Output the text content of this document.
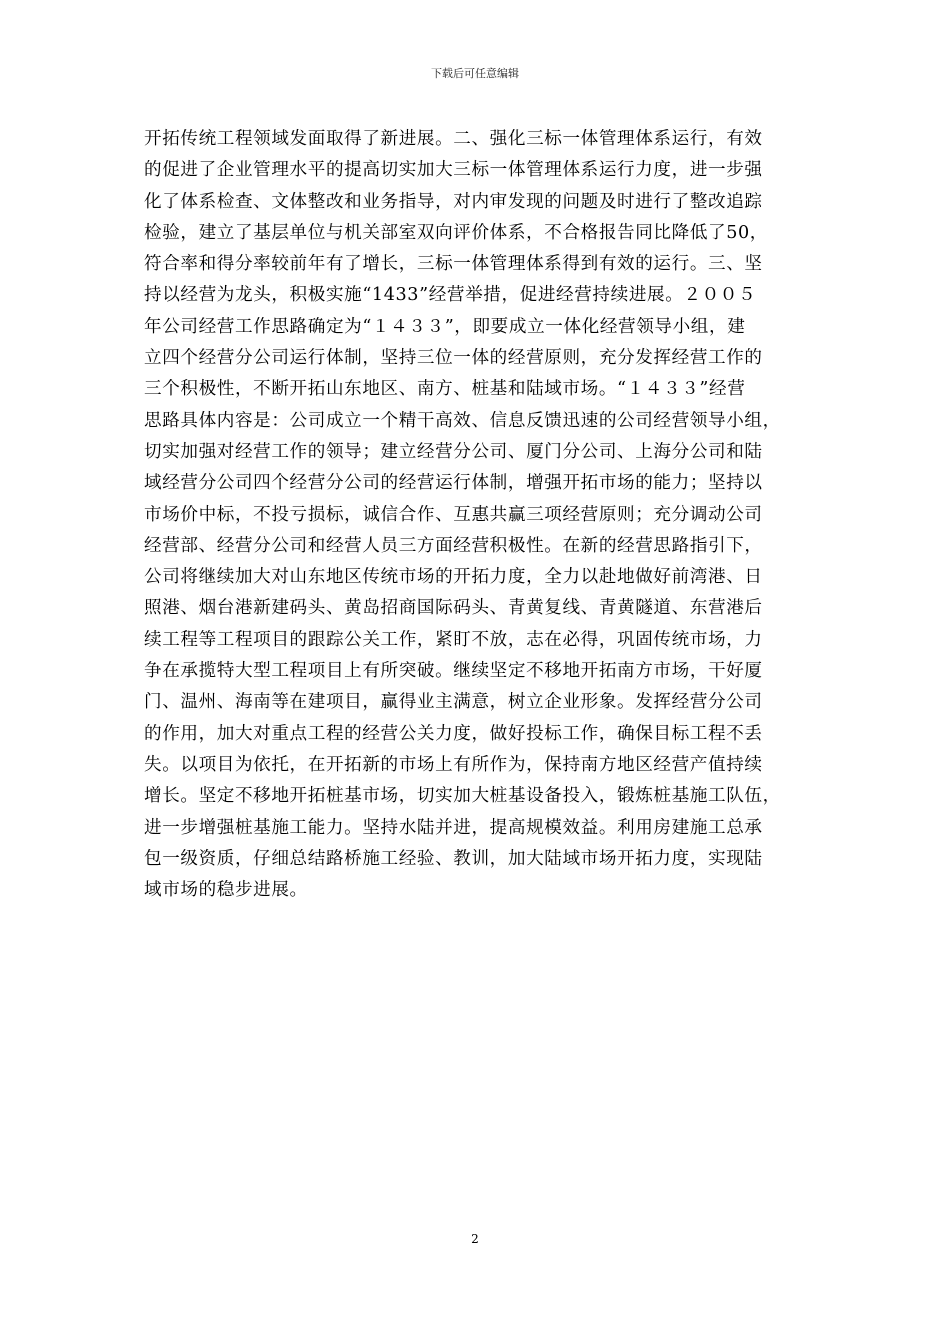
下载后可任意编辑
开拓传统工程领域发面取得了新进展。二、强化三标一体管理体系运行，有效
的促进了企业管理水平的提高切实加大三标一体管理体系运行力度，进一步强
化了体系检查、文体整改和业务指导，对内审发现的问题及时进行了整改追踪
检验，建立了基层单位与机关部室双向评价体系，不合格报告同比降低了50，
符合率和得分率较前年有了增长，三标一体管理体系得到有效的运行。三、坚
持以经营为龙头，积极实施“1433”经营举措，促进经营持续进展。２００５
年公司经营工作思路确定为“１４３３”，即要成立一体化经营领导小组，建
立四个经营分公司运行体制，坚持三位一体的经营原则，充分发挥经营工作的
三个积极性，不断开拓山东地区、南方、桩基和陆域市场。“１４３３”经营
思路具体内容是：公司成立一个精干高效、信息反馈迅速的公司经营领导小组，
切实加强对经营工作的领导；建立经营分公司、厦门分公司、上海分公司和陆
域经营分公司四个经营分公司的经营运行体制，增强开拓市场的能力；坚持以
市场价中标，不投亏损标，诚信合作、互惠共赢三项经营原则；充分调动公司
经营部、经营分公司和经营人员三方面经营积极性。在新的经营思路指引下，
公司将继续加大对山东地区传统市场的开拓力度，全力以赴地做好前湾港、日
照港、烟台港新建码头、黄岛招商国际码头、青黄复线、青黄隧道、东营港后
续工程等工程项目的跟踪公关工作，紧盯不放，志在必得，巩固传统市场，力
争在承揽特大型工程项目上有所突破。继续坚定不移地开拓南方市场，干好厦
门、温州、海南等在建项目，赢得业主满意，树立企业形象。发挥经营分公司
的作用，加大对重点工程的经营公关力度，做好投标工作，确保目标工程不丢
失。以项目为依托，在开拓新的市场上有所作为，保持南方地区经营产值持续
增长。坚定不移地开拓桩基市场，切实加大桩基设备投入，锻炼桩基施工队伍，
进一步增强桩基施工能力。坚持水陆并进，提高规模效益。利用房建施工总承
包一级资质，仔细总结路桥施工经验、教训，加大陆域市场开拓力度，实现陆
域市场的稳步进展。
2
